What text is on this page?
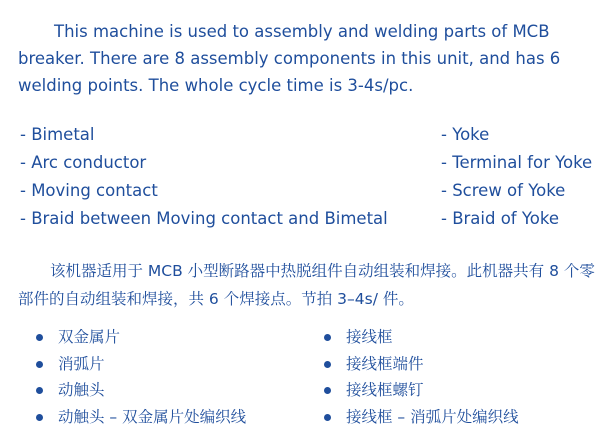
This machine is used to assembly and welding parts of MCB breaker. There are 8 assembly components in this unit, and has 6 welding points. The whole cycle time is 3-4s/pc.

- Bimetal
- Arc conductor
- Moving contact
- Braid between Moving contact and Bimetal
- Yoke
- Terminal for Yoke
- Screw of Yoke
- Braid of Yoke

该机器适用于 MCB 小型断路器中热脱组件自动组装和焊接。此机器共有 8 个零部件的自动组装和焊接，共 6 个焊接点。节拍 3–4s/ 件。

双金属片
消弧片
动触头
动触头 – 双金属片处编织线
接线框
接线框端件
接线框螺钉
接线框 – 消弧片处编织线
